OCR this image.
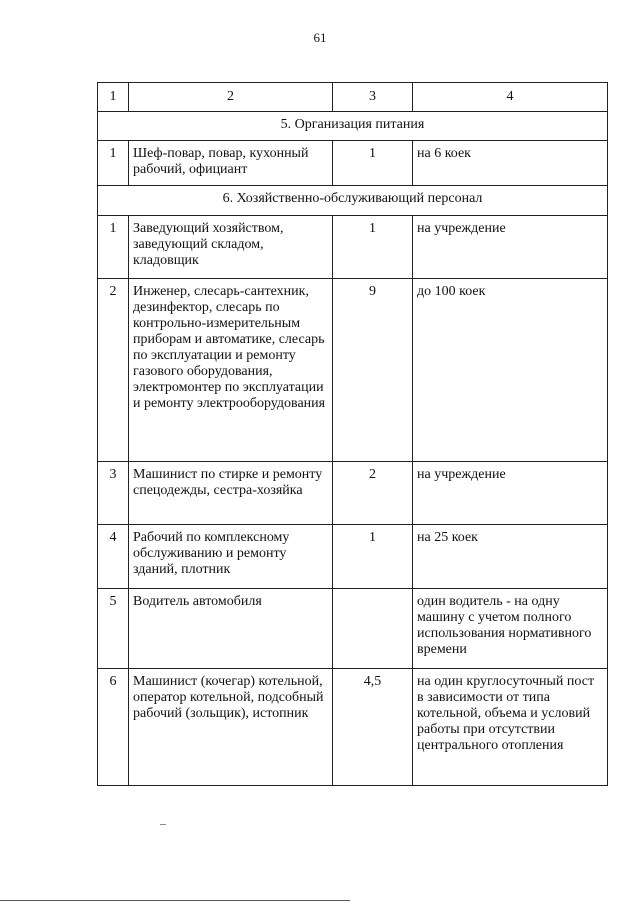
61
1	2	3	4
5. Организация питания			
1	Шеф-повар, повар, кухонный рабочий, официант	1	на 6 коек
6. Хозяйственно-обслуживающий персонал			
1	Заведующий хозяйством, заведующий складом, кладовщик	1	на учреждение
2	Инженер, слесарь-сантехник, дезинфектор, слесарь по контрольно-измерительным приборам и автоматике, слесарь по эксплуатации и ремонту газового оборудования, электромонтер по эксплуатации и ремонту электрооборудования	9	до 100 коек
3	Машинист по стирке и ремонту спецодежды, сестра-хозяйка	2	на учреждение
4	Рабочий по комплексному обслуживанию и ремонту зданий, плотник	1	на 25 коек
5	Водитель автомобиля		один водитель - на одну машину с учетом полного использования нормативного времени
6	Машинист (кочегар) котельной, оператор котельной, подсобный рабочий (зольщик), истопник	4,5	на один круглосуточный пост в зависимости от типа котельной, объема и условий работы при отсутствии центрального отопления
